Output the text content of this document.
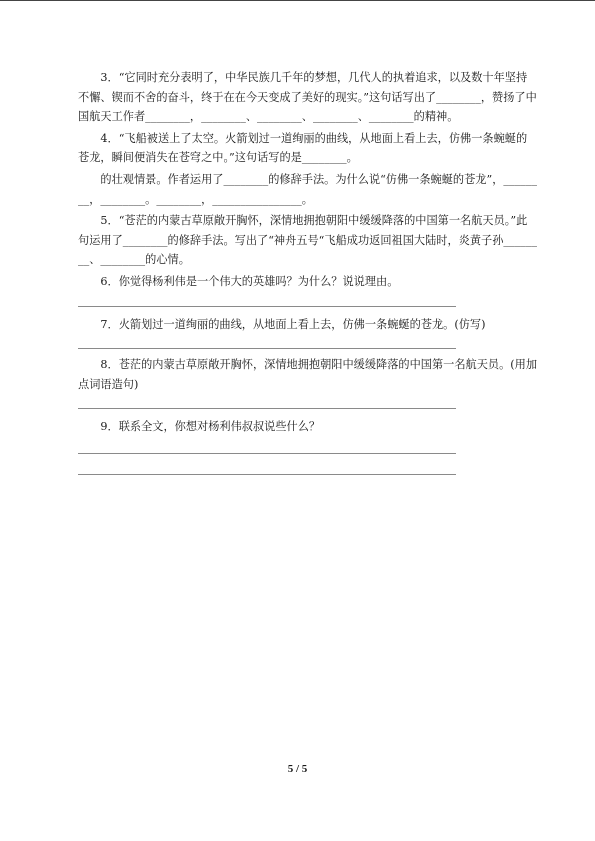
3．“它同时充分表明了，中华民族几千年的梦想，几代人的执着追求，以及数十年坚持不懈、锲而不舍的奋斗，终于在在今天变成了美好的现实。”这句话写出了________，赞扬了中国航天工作者________，________、________、________、________的精神。

4．“飞船被送上了太空。火箭划过一道绚丽的曲线，从地面上看上去，仿佛一条蜿蜒的苍龙，瞬间便消失在苍穹之中。”这句话写的是________。

的壮观情景。作者运用了________的修辞手法。为什么说“仿佛一条蜿蜒的苍龙”，________，________。________，________________。

5．“苍茫的内蒙古草原敞开胸怀，深情地拥抱朝阳中缓缓降落的中国第一名航天员。”此句运用了________的修辞手法。写出了“神舟五号“飞船成功返回祖国大陆时，炎黄子孙________、________的心情。

6．你觉得杨利伟是一个伟大的英雄吗？为什么？说说理由。

7．火箭划过一道绚丽的曲线，从地面上看上去，仿佛一条蜿蜒的苍龙。(仿写)

8．苍茫的内蒙古草原敞开胸怀，深情地拥抱朝阳中缓缓降落的中国第一名航天员。(用加点词语造句)

9．联系全文，你想对杨利伟叔叔说些什么？

5 / 5
